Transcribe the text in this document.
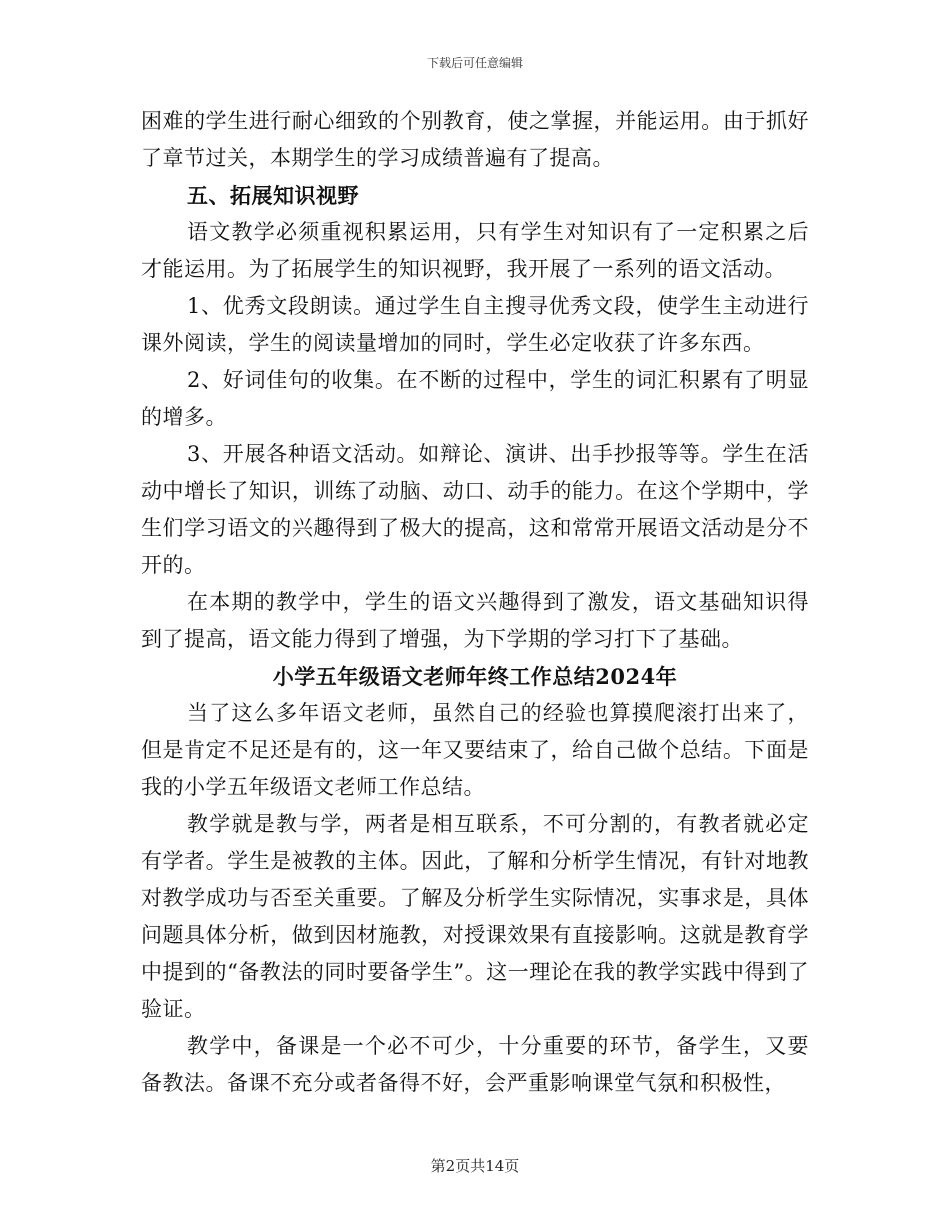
下载后可任意编辑

困难的学生进行耐心细致的个别教育，使之掌握，并能运用。由于抓好了章节过关，本期学生的学习成绩普遍有了提高。

五、拓展知识视野

语文教学必须重视积累运用，只有学生对知识有了一定积累之后才能运用。为了拓展学生的知识视野，我开展了一系列的语文活动。

1、优秀文段朗读。通过学生自主搜寻优秀文段，使学生主动进行课外阅读，学生的阅读量增加的同时，学生必定收获了许多东西。

2、好词佳句的收集。在不断的过程中，学生的词汇积累有了明显的增多。

3、开展各种语文活动。如辩论、演讲、出手抄报等等。学生在活动中增长了知识，训练了动脑、动口、动手的能力。在这个学期中，学生们学习语文的兴趣得到了极大的提高，这和常常开展语文活动是分不开的。

在本期的教学中，学生的语文兴趣得到了激发，语文基础知识得到了提高，语文能力得到了增强，为下学期的学习打下了基础。

小学五年级语文老师年终工作总结2024年

当了这么多年语文老师，虽然自己的经验也算摸爬滚打出来了，但是肯定不足还是有的，这一年又要结束了，给自己做个总结。下面是我的小学五年级语文老师工作总结。

教学就是教与学，两者是相互联系，不可分割的，有教者就必定有学者。学生是被教的主体。因此，了解和分析学生情况，有针对地教对教学成功与否至关重要。了解及分析学生实际情况，实事求是，具体问题具体分析，做到因材施教，对授课效果有直接影响。这就是教育学中提到的“备教法的同时要备学生”。这一理论在我的教学实践中得到了验证。

教学中，备课是一个必不可少，十分重要的环节，备学生，又要备教法。备课不充分或者备得不好，会严重影响课堂气氛和积极性，

第2页共14页
